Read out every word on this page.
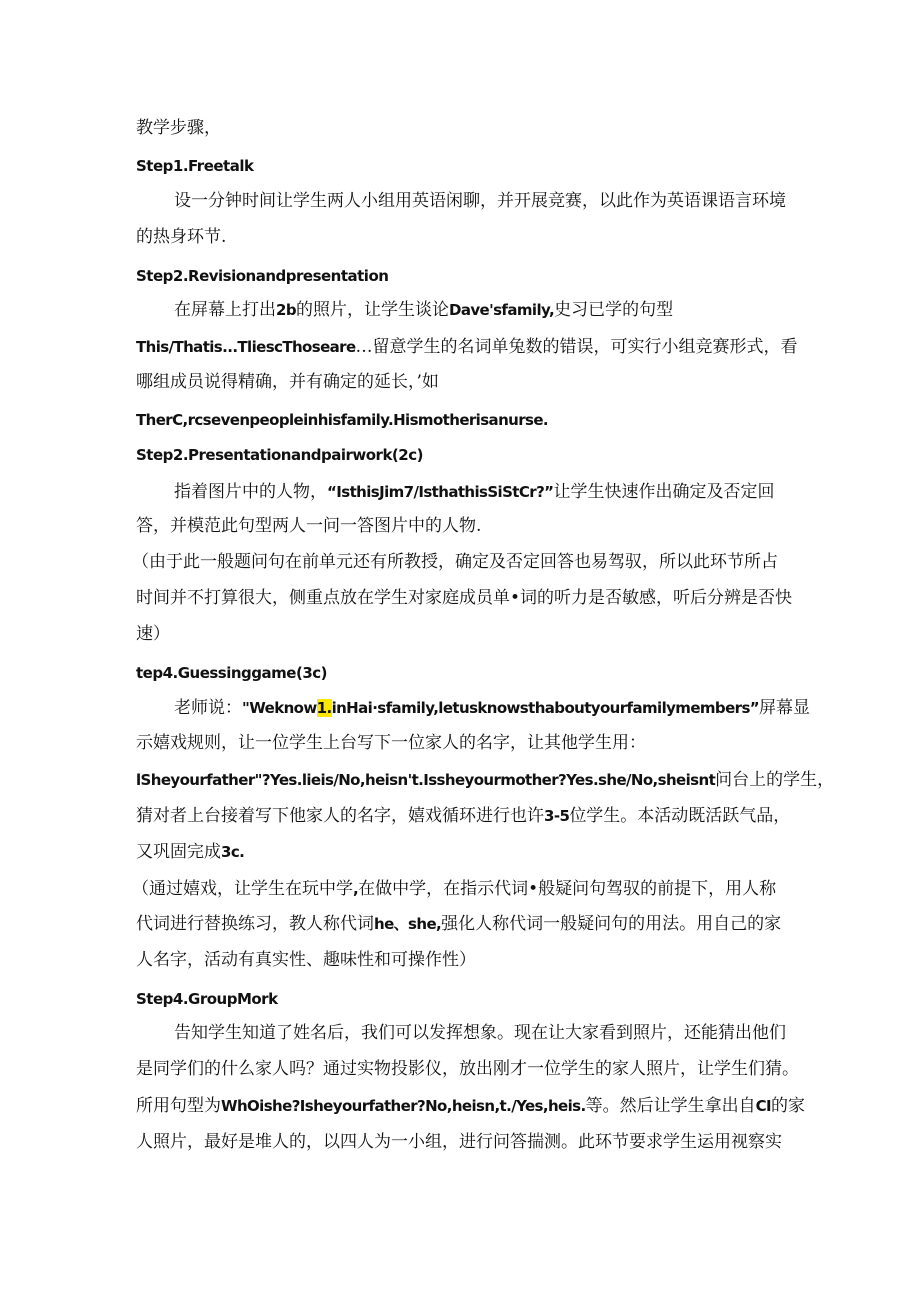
教学步骤，
Step1.Freetalk
设一分钟时间让学生两人小组用英语闲聊，并开展竞赛，以此作为英语课语言环境
的热身环节.
Step2.Revisionandpresentation
在屏幕上打出2b的照片，让学生谈论Dave'sfamily,史习已学的句型
This/Thatis...TliescThoseare…留意学生的名词单兔数的错误，可实行小组竞赛形式，看
哪组成员说得精确，并有确定的延长，’如
TherC,rcsevenpeopleinhisfamily.Hismotherisanurse.
Step2.Presentationandpairwork(2c)
指着图片中的人物，“IsthisJim7/IsthathisSiStCr?”让学生快速作出确定及否定回
答，并模范此句型两人一问一答图片中的人物.
（由于此一般题问句在前单元还有所教授，确定及否定回答也易驾驭，所以此环节所占
时间并不打算很大，侧重点放在学生对家庭成员单•词的听力是否敏感，听后分辨是否快
速）
tep4.Guessinggame(3c)
老师说："Weknow1.inHai·sfamily,letusknowsthaboutyourfamilymembers”屏幕显
示嬉戏规则，让一位学生上台写下一位家人的名字，让其他学生用：
lSheyourfather"?Yes.lieis/No,heisn't.Issheyourmother?Yes.she/No,sheisnt问台上的学生，
猜对者上台接着写下他家人的名字，嬉戏循环进行也许3-5位学生。本活动既活跃气品，
又巩固完成3c.
（通过嬉戏，让学生在玩中学,在做中学，在指示代词•般疑问句驾驭的前提下，用人称
代词进行替换练习，教人称代词he、she,强化人称代词一般疑问句的用法。用自己的家
人名字，活动有真实性、趣味性和可操作性）
Step4.GroupMork
告知学生知道了姓名后，我们可以发挥想象。现在让大家看到照片，还能猜出他们
是同学们的什么家人吗？通过实物投影仪，放出刚才一位学生的家人照片，让学生们猜。
所用句型为WhOishe?Isheyourfather?No,heisn,t./Yes,heis.等。然后让学生拿出自CI的家
人照片，最好是堆人的，以四人为一小组，进行问答揣测。此环节要求学生运用视察实
